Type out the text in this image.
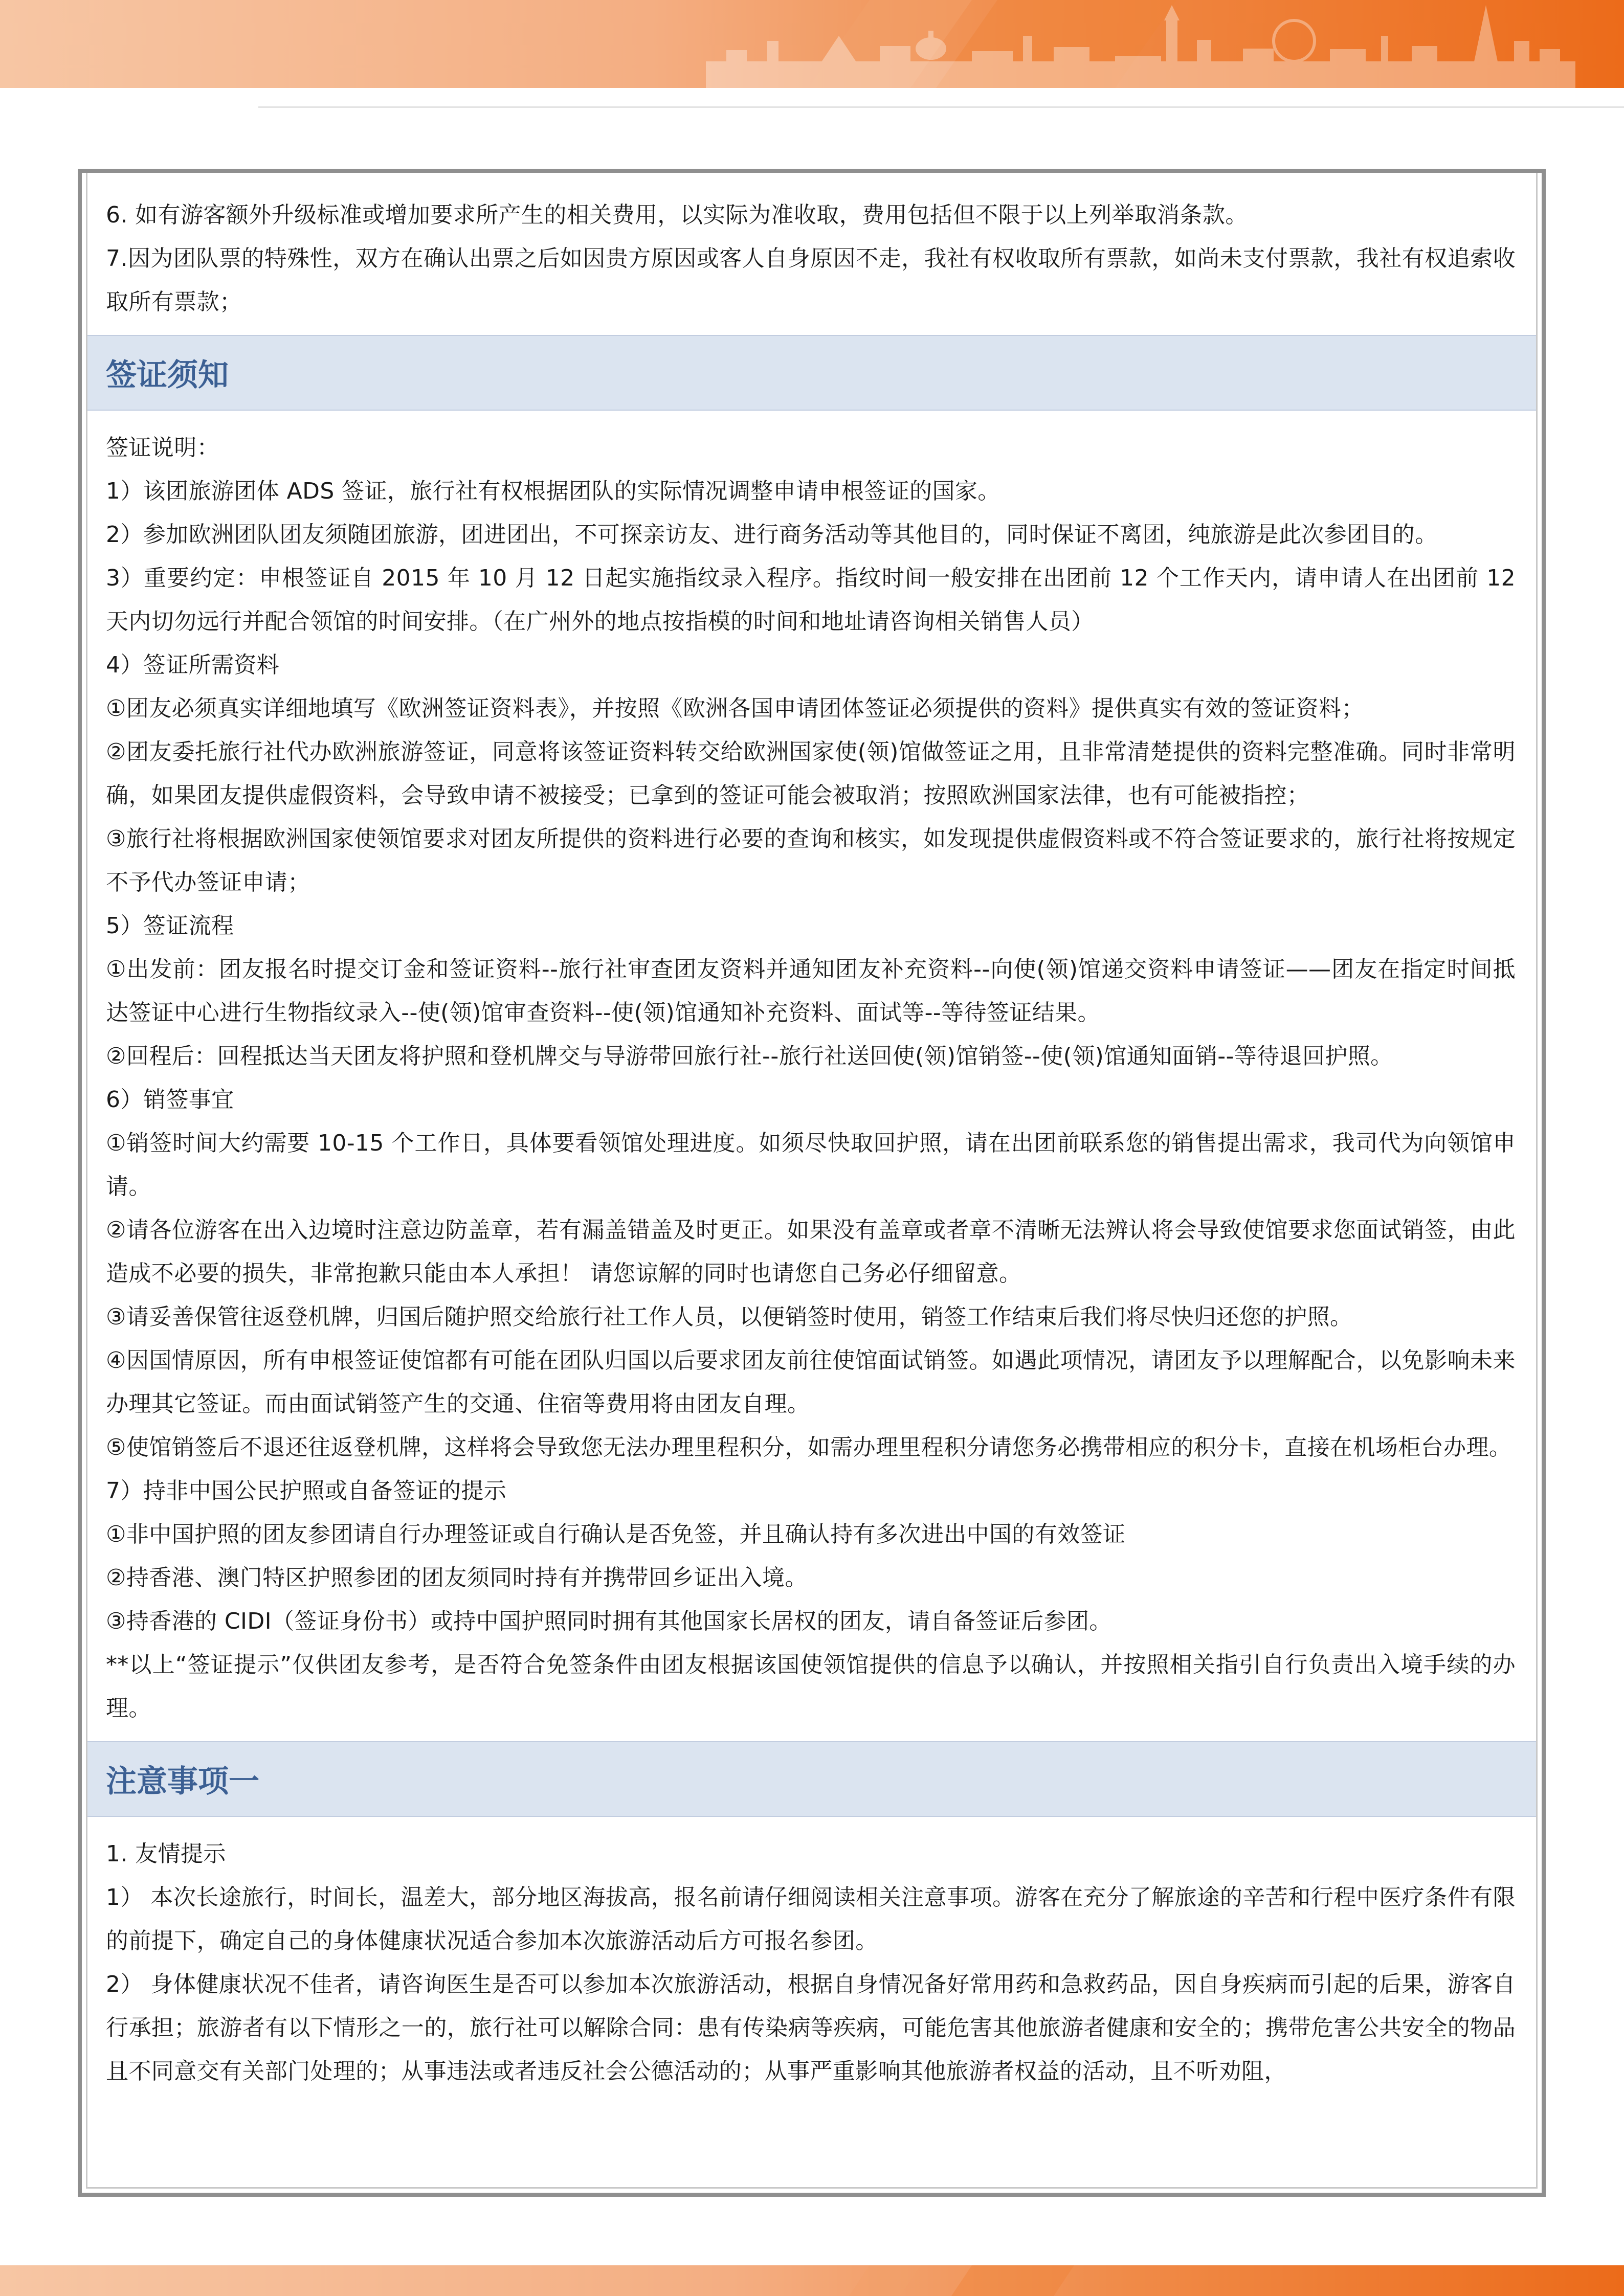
6. 如有游客额外升级标准或增加要求所产生的相关费用，以实际为准收取，费用包括但不限于以上列举取消条款。

7.因为团队票的特殊性，双方在确认出票之后如因贵方原因或客人自身原因不走，我社有权收取所有票款，如尚未支付票款，我社有权追索收取所有票款；

签证须知

签证说明：

1）该团旅游团体 ADS 签证，旅行社有权根据团队的实际情况调整申请申根签证的国家。

2）参加欧洲团队团友须随团旅游，团进团出，不可探亲访友、进行商务活动等其他目的，同时保证不离团，纯旅游是此次参团目的。

3）重要约定：申根签证自 2015 年 10 月 12 日起实施指纹录入程序。指纹时间一般安排在出团前 12 个工作天内，请申请人在出团前 12 天内切勿远行并配合领馆的时间安排。（在广州外的地点按指模的时间和地址请咨询相关销售人员）

4）签证所需资料

①团友必须真实详细地填写《欧洲签证资料表》，并按照《欧洲各国申请团体签证必须提供的资料》提供真实有效的签证资料；

②团友委托旅行社代办欧洲旅游签证，同意将该签证资料转交给欧洲国家使(领)馆做签证之用，且非常清楚提供的资料完整准确。同时非常明确，如果团友提供虚假资料，会导致申请不被接受；已拿到的签证可能会被取消；按照欧洲国家法律，也有可能被指控；

③旅行社将根据欧洲国家使领馆要求对团友所提供的资料进行必要的查询和核实，如发现提供虚假资料或不符合签证要求的，旅行社将按规定不予代办签证申请；

5）签证流程

①出发前：团友报名时提交订金和签证资料--旅行社审查团友资料并通知团友补充资料--向使(领)馆递交资料申请签证——团友在指定时间抵达签证中心进行生物指纹录入--使(领)馆审查资料--使(领)馆通知补充资料、面试等--等待签证结果。

②回程后：回程抵达当天团友将护照和登机牌交与导游带回旅行社--旅行社送回使(领)馆销签--使(领)馆通知面销--等待退回护照。

6）销签事宜

①销签时间大约需要 10-15 个工作日，具体要看领馆处理进度。如须尽快取回护照，请在出团前联系您的销售提出需求，我司代为向领馆申请。

②请各位游客在出入边境时注意边防盖章，若有漏盖错盖及时更正。如果没有盖章或者章不清晰无法辨认将会导致使馆要求您面试销签，由此造成不必要的损失，非常抱歉只能由本人承担！ 请您谅解的同时也请您自己务必仔细留意。

③请妥善保管往返登机牌，归国后随护照交给旅行社工作人员，以便销签时使用，销签工作结束后我们将尽快归还您的护照。

④因国情原因，所有申根签证使馆都有可能在团队归国以后要求团友前往使馆面试销签。如遇此项情况，请团友予以理解配合，以免影响未来办理其它签证。而由面试销签产生的交通、住宿等费用将由团友自理。

⑤使馆销签后不退还往返登机牌，这样将会导致您无法办理里程积分，如需办理里程积分请您务必携带相应的积分卡，直接在机场柜台办理。

7）持非中国公民护照或自备签证的提示

①非中国护照的团友参团请自行办理签证或自行确认是否免签，并且确认持有多次进出中国的有效签证

②持香港、澳门特区护照参团的团友须同时持有并携带回乡证出入境。

③持香港的 CIDI（签证身份书）或持中国护照同时拥有其他国家长居权的团友，请自备签证后参团。

**以上“签证提示”仅供团友参考，是否符合免签条件由团友根据该国使领馆提供的信息予以确认，并按照相关指引自行负责出入境手续的办理。

注意事项一

1. 友情提示

1） 本次长途旅行，时间长，温差大，部分地区海拔高，报名前请仔细阅读相关注意事项。游客在充分了解旅途的辛苦和行程中医疗条件有限的前提下，确定自己的身体健康状况适合参加本次旅游活动后方可报名参团。

2） 身体健康状况不佳者，请咨询医生是否可以参加本次旅游活动，根据自身情况备好常用药和急救药品，因自身疾病而引起的后果，游客自行承担；旅游者有以下情形之一的，旅行社可以解除合同：患有传染病等疾病，可能危害其他旅游者健康和安全的；携带危害公共安全的物品且不同意交有关部门处理的；从事违法或者违反社会公德活动的；从事严重影响其他旅游者权益的活动，且不听劝阻，
